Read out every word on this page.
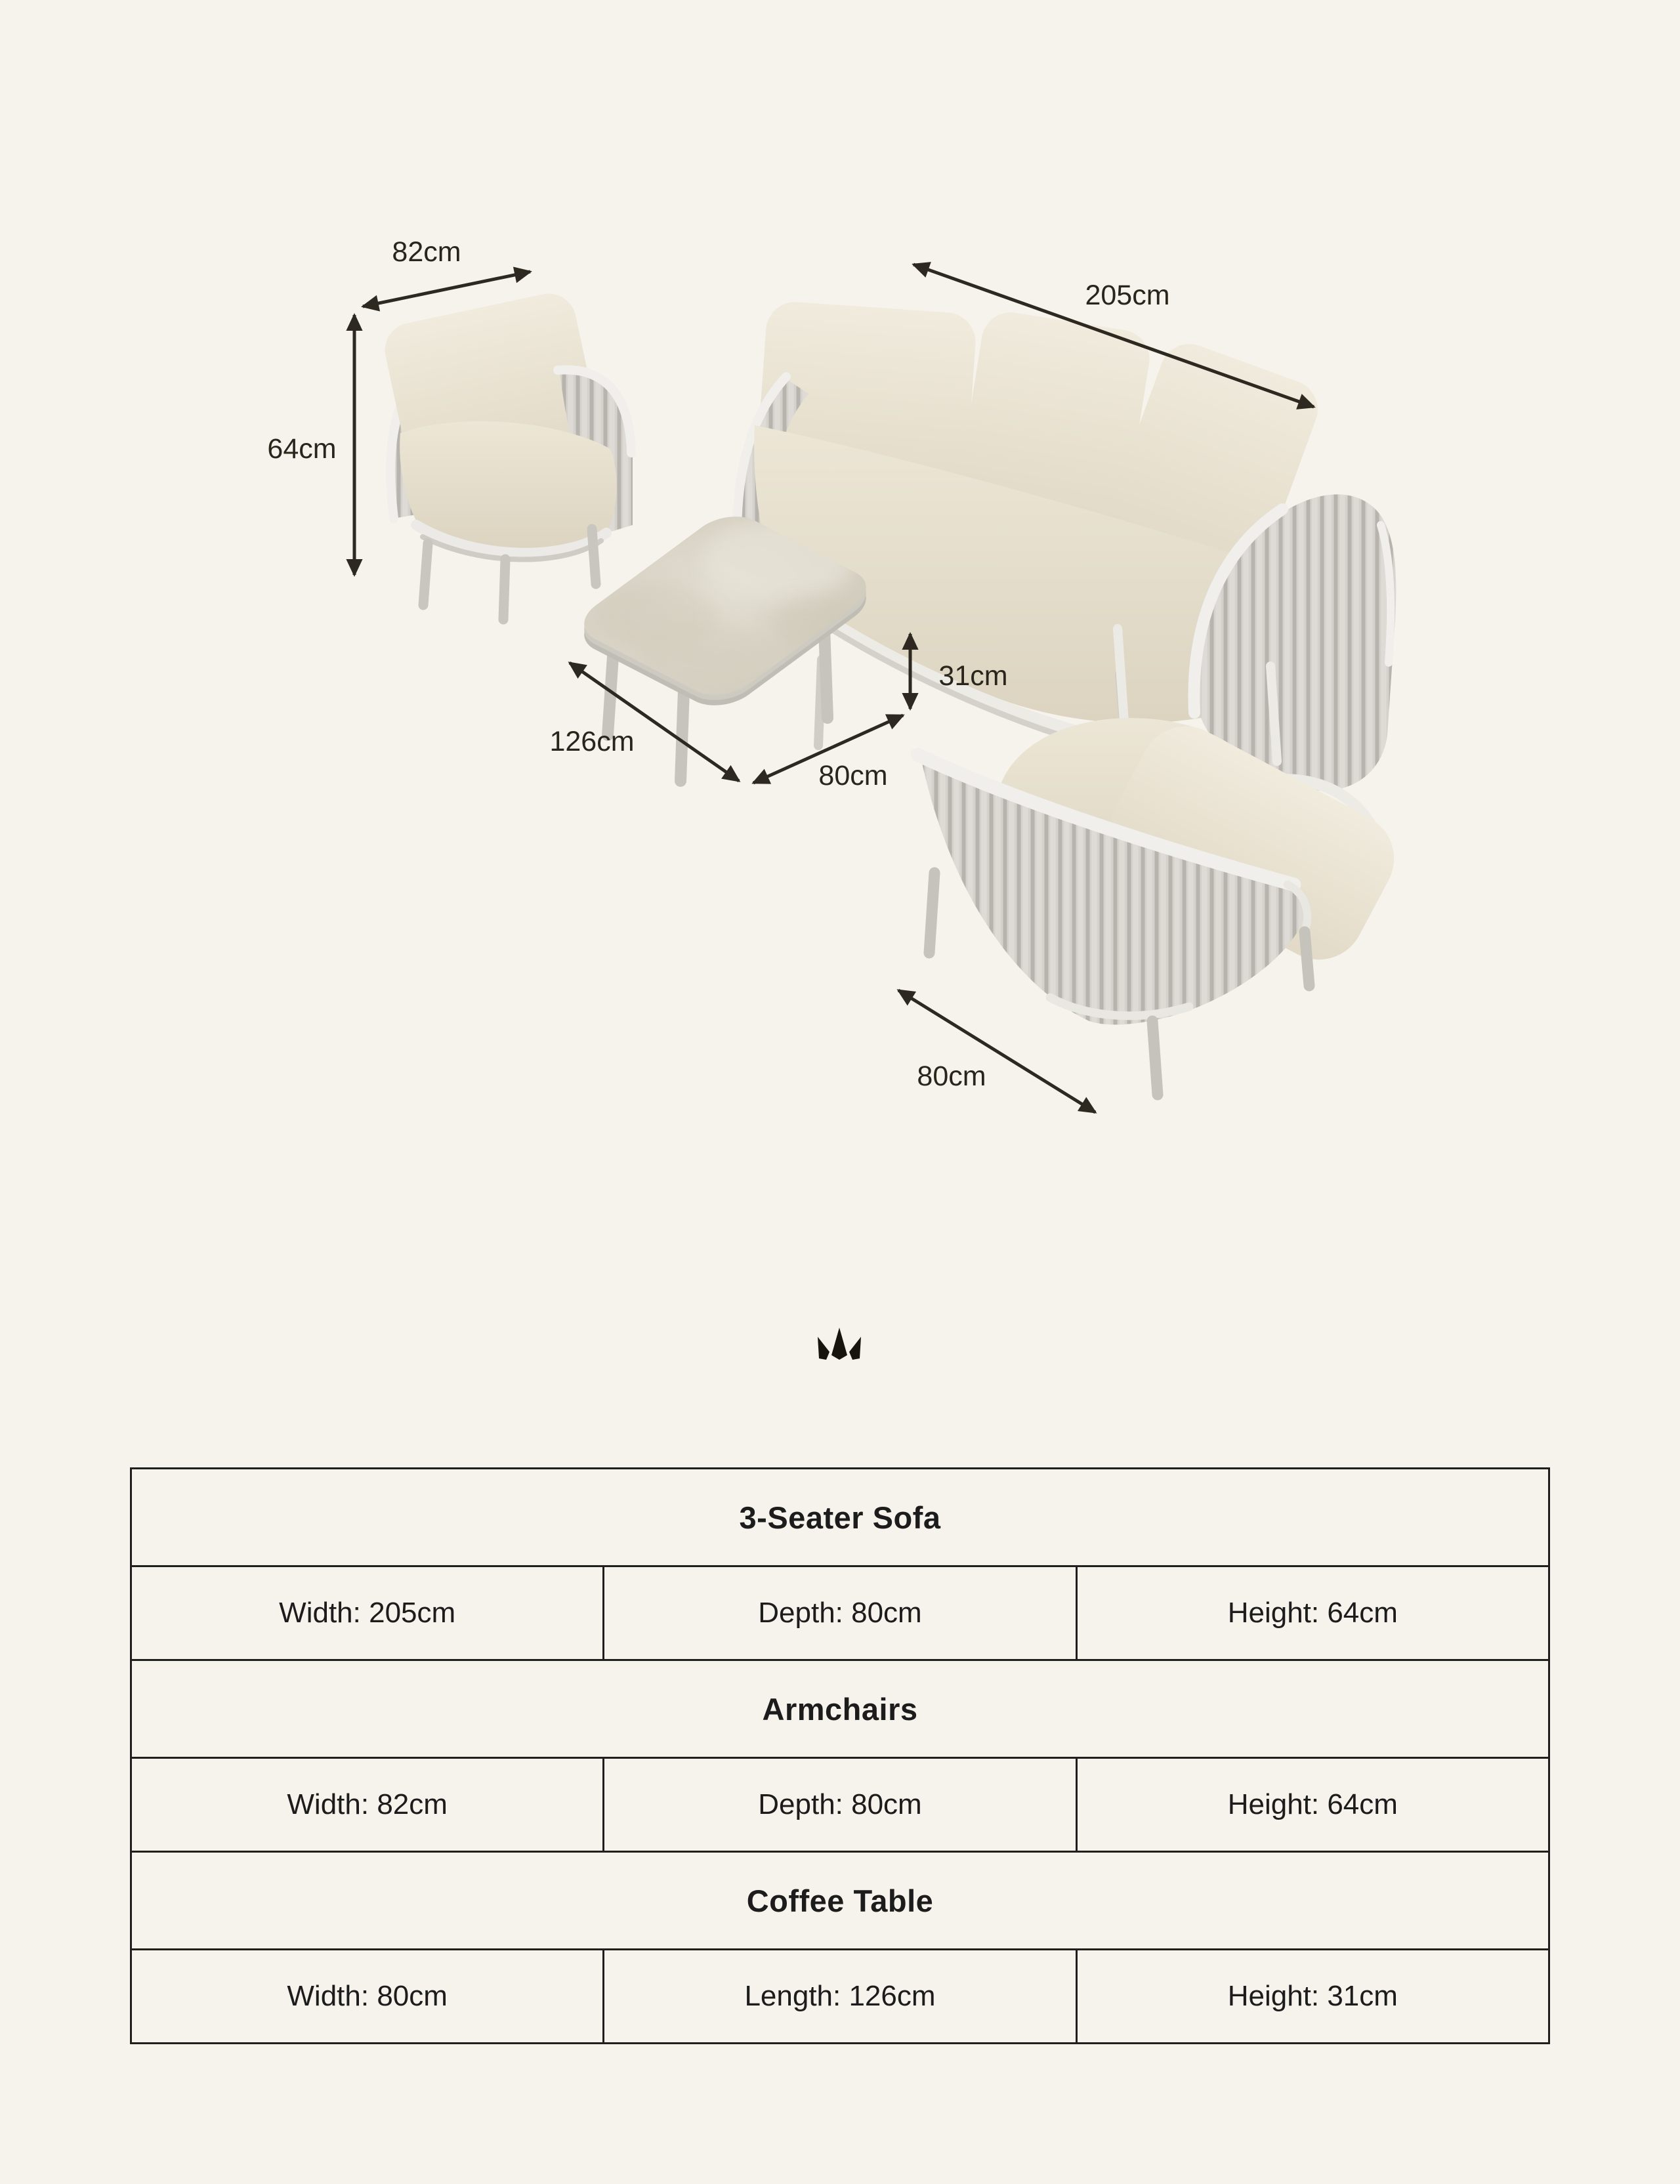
82cm
64cm
205cm
31cm
126cm
80cm
80cm
3-Seater Sofa
Width: 205cm	Depth: 80cm	Height: 64cm
Armchairs
Width: 82cm	Depth: 80cm	Height: 64cm
Coffee Table
Width: 80cm	Length: 126cm	Height: 31cm
